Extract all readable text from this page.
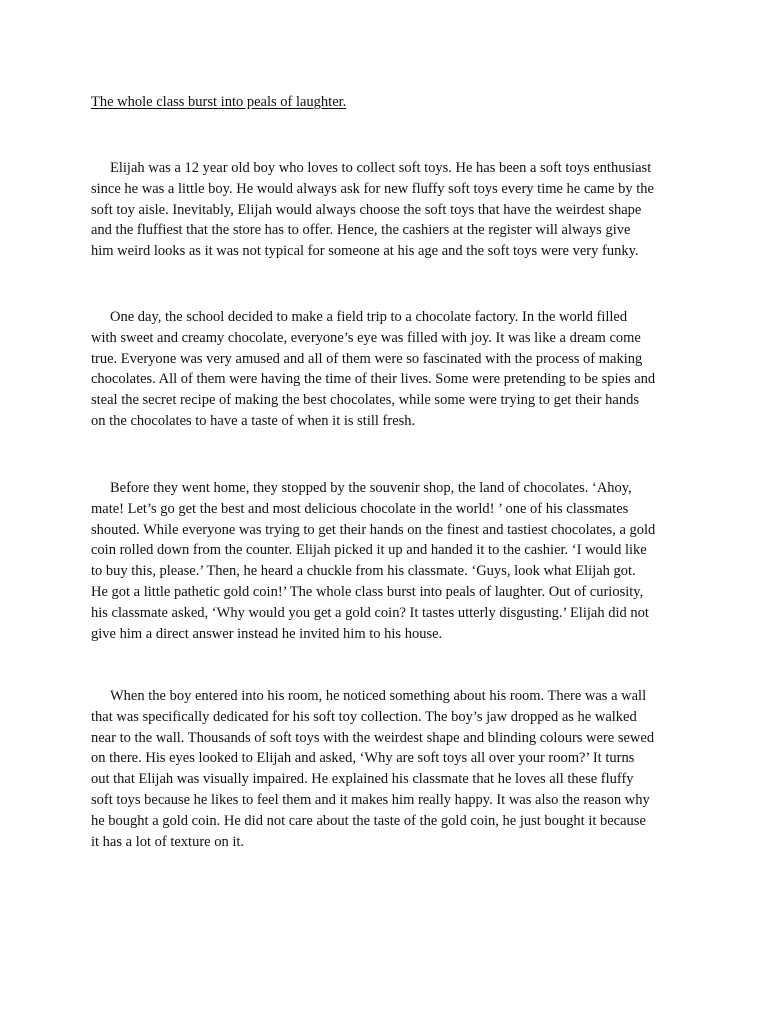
The whole class burst into peals of laughter.
Elijah was a 12 year old boy who loves to collect soft toys. He has been a soft toys enthusiast
since he was a little boy. He would always ask for new fluffy soft toys every time he came by the
soft toy aisle. Inevitably, Elijah would always choose the soft toys that have the weirdest shape
and the fluffiest that the store has to offer. Hence, the cashiers at the register will always give
him weird looks as it was not typical for someone at his age and the soft toys were very funky.
One day, the school decided to make a field trip to a chocolate factory. In the world filled
with sweet and creamy chocolate, everyone’s eye was filled with joy. It was like a dream come
true. Everyone was very amused and all of them were so fascinated with the process of making
chocolates. All of them were having the time of their lives. Some were pretending to be spies and
steal the secret recipe of making the best chocolates, while some were trying to get their hands
on the chocolates to have a taste of when it is still fresh.
Before they went home, they stopped by the souvenir shop, the land of chocolates. ‘Ahoy,
mate! Let’s go get the best and most delicious chocolate in the world! ’ one of his classmates
shouted. While everyone was trying to get their hands on the finest and tastiest chocolates, a gold
coin rolled down from the counter. Elijah picked it up and handed it to the cashier. ‘I would like
to buy this, please.’ Then, he heard a chuckle from his classmate. ‘Guys, look what Elijah got.
He got a little pathetic gold coin!’ The whole class burst into peals of laughter. Out of curiosity,
his classmate asked, ‘Why would you get a gold coin? It tastes utterly disgusting.’ Elijah did not
give him a direct answer instead he invited him to his house.
When the boy entered into his room, he noticed something about his room. There was a wall
that was specifically dedicated for his soft toy collection. The boy’s jaw dropped as he walked
near to the wall. Thousands of soft toys with the weirdest shape and blinding colours were sewed
on there. His eyes looked to Elijah and asked, ‘Why are soft toys all over your room?’ It turns
out that Elijah was visually impaired. He explained his classmate that he loves all these fluffy
soft toys because he likes to feel them and it makes him really happy. It was also the reason why
he bought a gold coin. He did not care about the taste of the gold coin, he just bought it because
it has a lot of texture on it.
